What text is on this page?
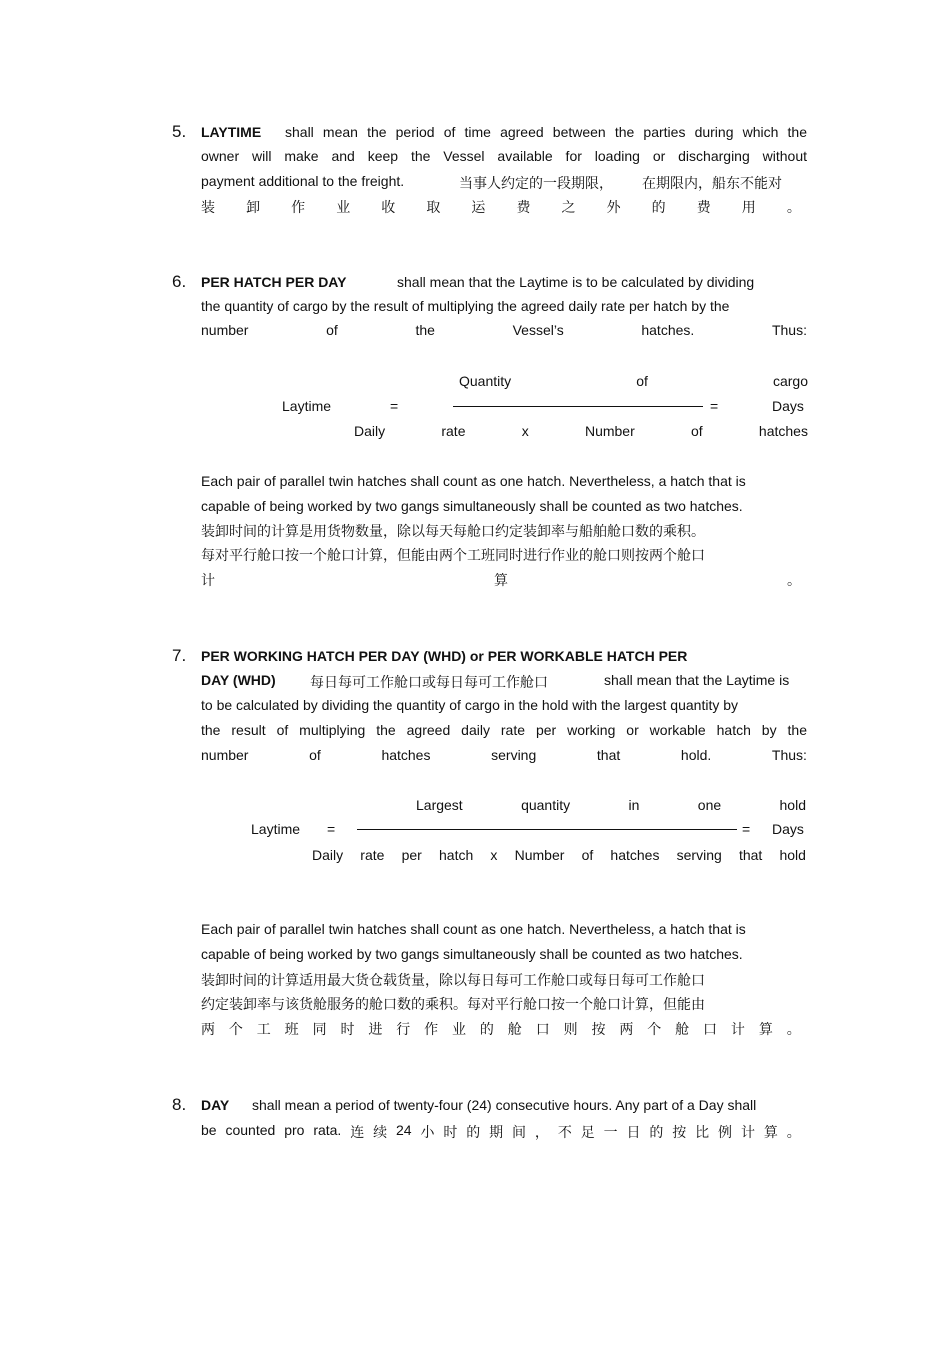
5. LAYTIME shall mean the period of time agreed between the parties during which the
owner will make and keep the Vessel available for loading or discharging without
payment additional to the freight.	当事人约定的一段期限， 在期限内，船东不能对
装 卸 作 业 收 取 运 费 之 外 的 费 用 。
6. PER HATCH PER DAY	shall mean that the Laytime is to be calculated by dividing
the quantity of cargo by the result of multiplying the agreed daily rate per hatch by the
number	of	the	Vessel’s	hatches.	Thus:
Quantity	of	cargo
Laytime	=	=	Days
Daily	rate	x	Number	of	hatches
Each pair of parallel twin hatches shall count as one hatch. Nevertheless, a hatch that is
capable of being worked by two gangs simultaneously shall be counted as two hatches.
装卸时间的计算是用货物数量，除以每天每舱口约定装卸率与船舶舱口数的乘积。
每对平行舱口按一个舱口计算，但能由两个工班同时进行作业的舱口则按两个舱口
计	算	。
7. PER WORKING HATCH PER DAY (WHD) or PER WORKABLE HATCH PER
DAY (WHD) 每日每可工作舱口或每日每可工作舱口	shall mean that the Laytime is
to be calculated by dividing the quantity of cargo in the hold with the largest quantity by
the result of multiplying the agreed daily rate per working or workable hatch by the
number	of	hatches	serving	that	hold.	Thus:
Largest	quantity	in	one	hold
Laytime =	= Days
Daily rate per hatch x Number of hatches serving that hold
Each pair of parallel twin hatches shall count as one hatch. Nevertheless, a hatch that is
capable of being worked by two gangs simultaneously shall be counted as two hatches.
装卸时间的计算适用最大货仓载货量，除以每日每可工作舱口或每日每可工作舱口
约定装卸率与该货舱服务的舱口数的乘积。每对平行舱口按一个舱口计算，但能由
两 个 工 班 同 时 进 行 作 业 的 舱 口 则 按 两 个 舱 口 计 算 。
8. DAY shall mean a period of twenty-four (24) consecutive hours. Any part of a Day shall
be counted pro rata. 连 续 24 小 时 的 期 间 ， 不 足 一 日 的 按 比 例 计 算 。
